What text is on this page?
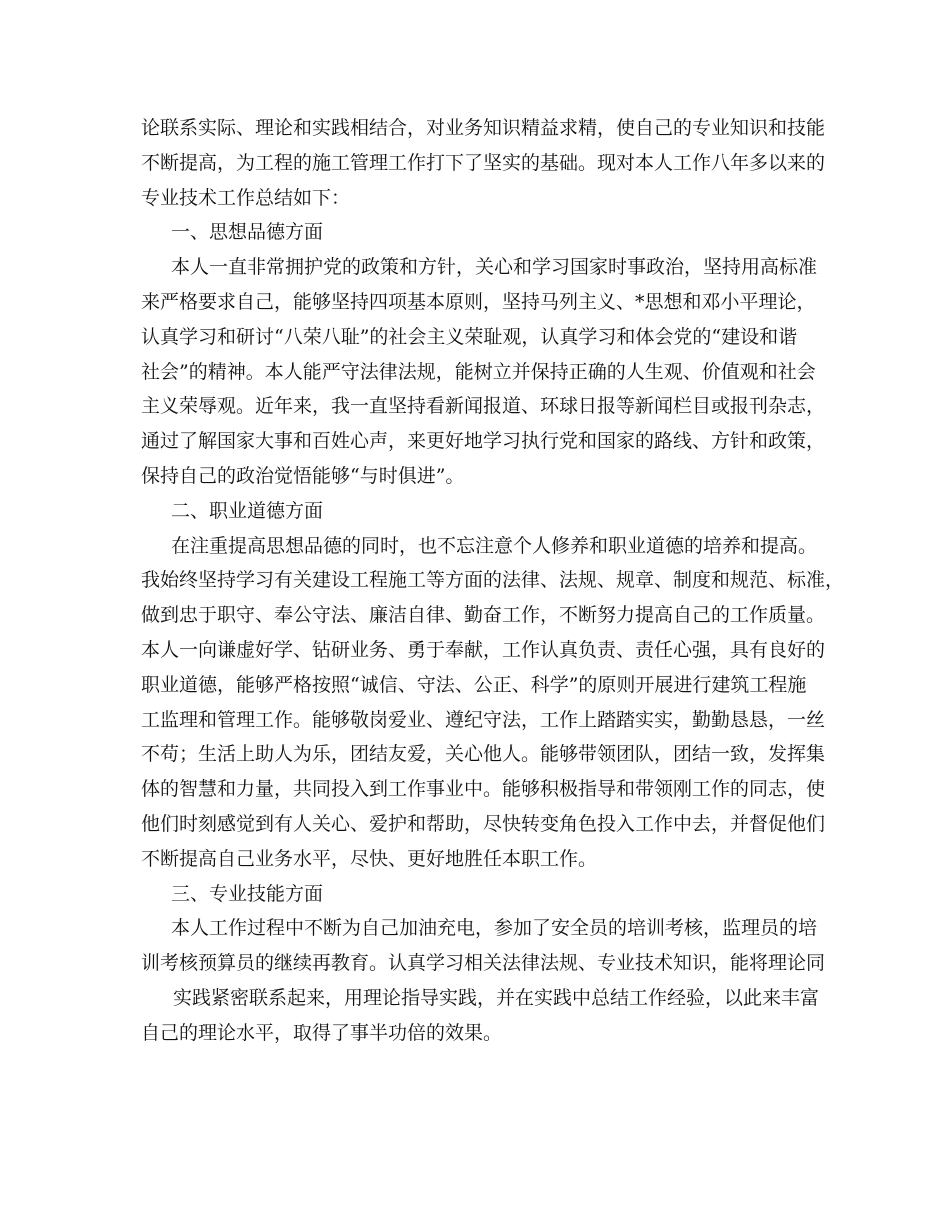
论联系实际、理论和实践相结合，对业务知识精益求精，使自己的专业知识和技能
不断提高，为工程的施工管理工作打下了坚实的基础。现对本人工作八年多以来的
专业技术工作总结如下：
一、思想品德方面
本人一直非常拥护党的政策和方针，关心和学习国家时事政治，坚持用高标准
来严格要求自己，能够坚持四项基本原则，坚持马列主义、*思想和邓小平理论，
认真学习和研讨“八荣八耻”的社会主义荣耻观，认真学习和体会党的“建设和谐
社会”的精神。本人能严守法律法规，能树立并保持正确的人生观、价值观和社会
主义荣辱观。近年来，我一直坚持看新闻报道、环球日报等新闻栏目或报刊杂志，
通过了解国家大事和百姓心声，来更好地学习执行党和国家的路线、方针和政策，
保持自己的政治觉悟能够“与时俱进”。
二、职业道德方面
在注重提高思想品德的同时，也不忘注意个人修养和职业道德的培养和提高。
我始终坚持学习有关建设工程施工等方面的法律、法规、规章、制度和规范、标准，
做到忠于职守、奉公守法、廉洁自律、勤奋工作，不断努力提高自己的工作质量。
本人一向谦虚好学、钻研业务、勇于奉献，工作认真负责、责任心强，具有良好的
职业道德，能够严格按照“诚信、守法、公正、科学”的原则开展进行建筑工程施
工监理和管理工作。能够敬岗爱业、遵纪守法，工作上踏踏实实，勤勤恳恳，一丝
不苟；生活上助人为乐，团结友爱，关心他人。能够带领团队，团结一致，发挥集
体的智慧和力量，共同投入到工作事业中。能够积极指导和带领刚工作的同志，使
他们时刻感觉到有人关心、爱护和帮助，尽快转变角色投入工作中去，并督促他们
不断提高自己业务水平，尽快、更好地胜任本职工作。
三、专业技能方面
本人工作过程中不断为自己加油充电，参加了安全员的培训考核，监理员的培
训考核预算员的继续再教育。认真学习相关法律法规、专业技术知识，能将理论同
实践紧密联系起来，用理论指导实践，并在实践中总结工作经验，以此来丰富
自己的理论水平，取得了事半功倍的效果。
